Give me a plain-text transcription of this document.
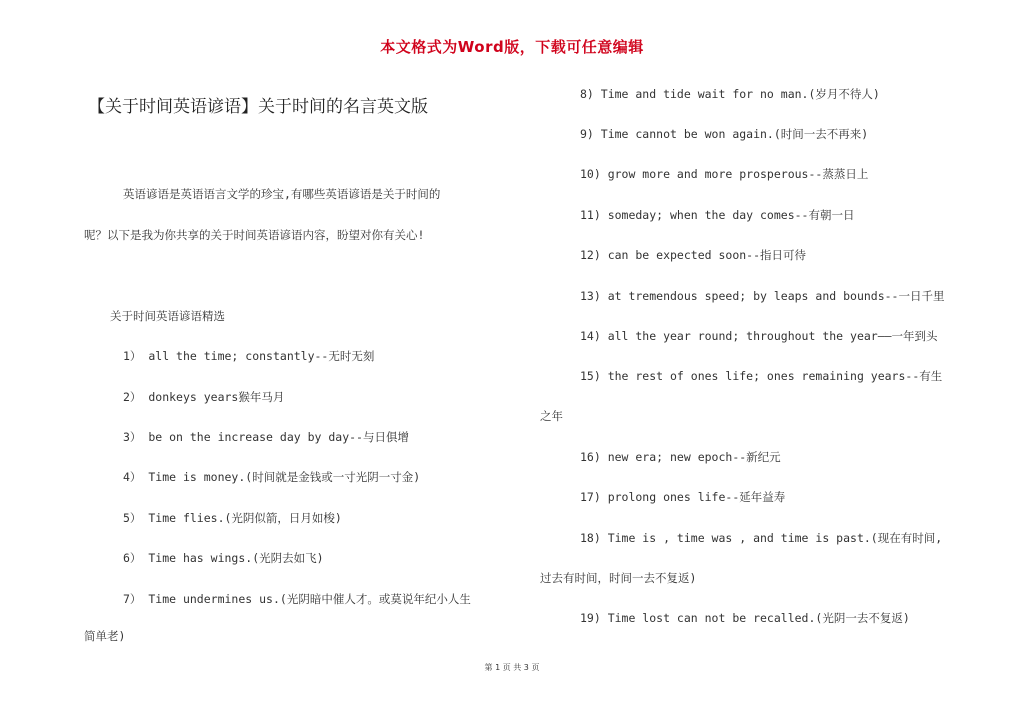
本文格式为Word版，下载可任意编辑
【关于时间英语谚语】关于时间的名言英文版
英语谚语是英语语言文学的珍宝,有哪些英语谚语是关于时间的
呢？以下是我为你共享的关于时间英语谚语内容，盼望对你有关心!
关于时间英语谚语精选
1） all the time; constantly--无时无刻
2） donkeys years猴年马月
3） be on the increase day by day--与日俱增
4） Time is money.(时间就是金钱或一寸光阴一寸金)
5） Time flies.(光阴似箭，日月如梭)
6） Time has wings.(光阴去如飞)
7） Time undermines us.(光阴暗中催人才。或莫说年纪小人生
简单老)
8) Time and tide wait for no man.(岁月不待人)
9) Time cannot be won again.(时间一去不再来)
10) grow more and more prosperous--蒸蒸日上
11) someday; when the day comes--有朝一日
12) can be expected soon--指日可待
13) at tremendous speed; by leaps and bounds--一日千里
14) all the year round; throughout the year——一年到头
15) the rest of ones life; ones remaining years--有生
之年
16) new era; new epoch--新纪元
17) prolong ones life--延年益寿
18) Time is , time was , and time is past.(现在有时间,
过去有时间，时间一去不复返)
19) Time lost can not be recalled.(光阴一去不复返)
第 1 页 共 3 页
